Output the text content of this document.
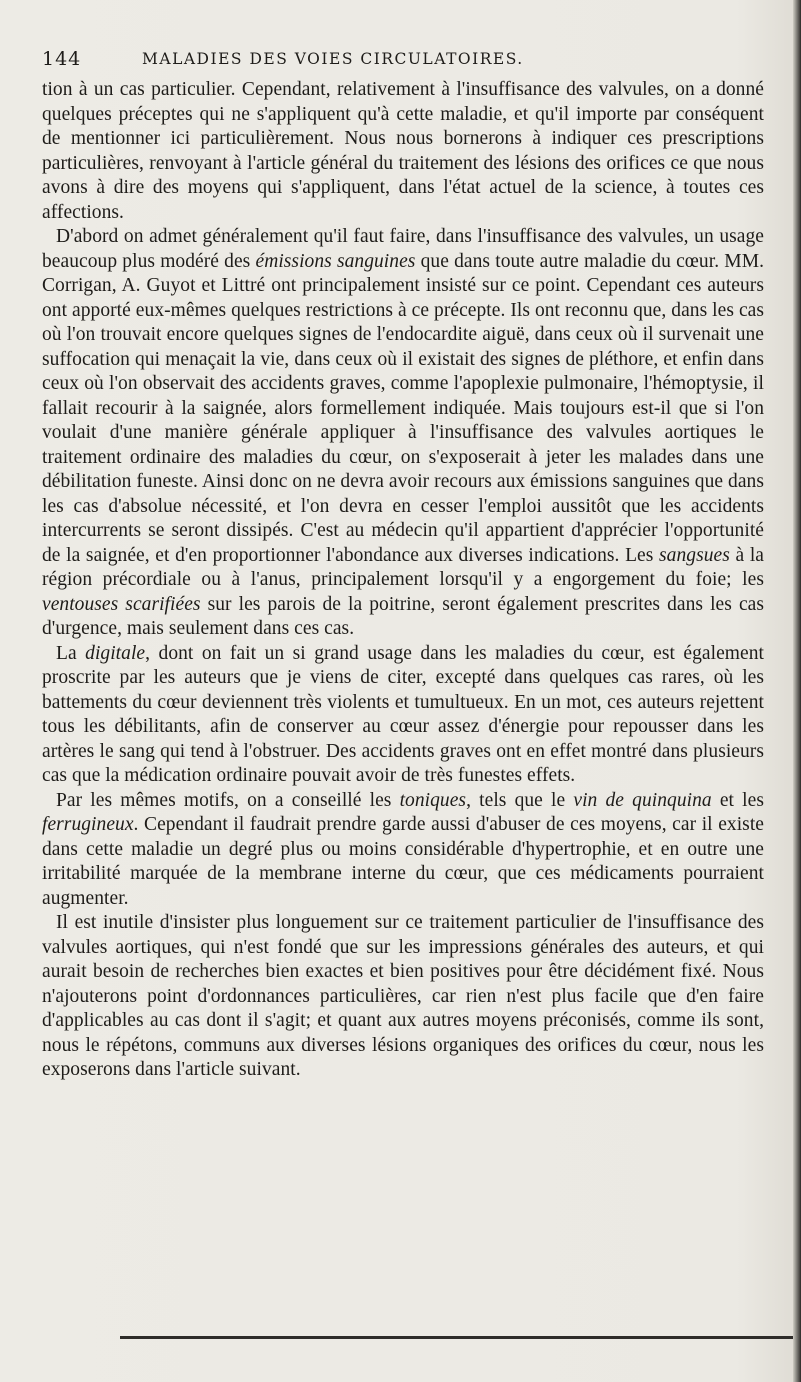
144	MALADIES DES VOIES CIRCULATOIRES.

tion à un cas particulier. Cependant, relativement à l'insuffisance des valvules, on a donné quelques préceptes qui ne s'appliquent qu'à cette maladie, et qu'il importe par conséquent de mentionner ici particulièrement. Nous nous bornerons à indiquer ces prescriptions particulières, renvoyant à l'article général du traitement des lésions des orifices ce que nous avons à dire des moyens qui s'appliquent, dans l'état actuel de la science, à toutes ces affections.

D'abord on admet généralement qu'il faut faire, dans l'insuffisance des valvules, un usage beaucoup plus modéré des émissions sanguines que dans toute autre maladie du cœur. MM. Corrigan, A. Guyot et Littré ont principalement insisté sur ce point. Cependant ces auteurs ont apporté eux-mêmes quelques restrictions à ce précepte. Ils ont reconnu que, dans les cas où l'on trouvait encore quelques signes de l'endocardite aiguë, dans ceux où il survenait une suffocation qui menaçait la vie, dans ceux où il existait des signes de pléthore, et enfin dans ceux où l'on observait des accidents graves, comme l'apoplexie pulmonaire, l'hémoptysie, il fallait recourir à la saignée, alors formellement indiquée. Mais toujours est-il que si l'on voulait d'une manière générale appliquer à l'insuffisance des valvules aortiques le traitement ordinaire des maladies du cœur, on s'exposerait à jeter les malades dans une débilitation funeste. Ainsi donc on ne devra avoir recours aux émissions sanguines que dans les cas d'absolue nécessité, et l'on devra en cesser l'emploi aussitôt que les accidents intercurrents se seront dissipés. C'est au médecin qu'il appartient d'apprécier l'opportunité de la saignée, et d'en proportionner l'abondance aux diverses indications. Les sangsues à la région précordiale ou à l'anus, principalement lorsqu'il y a engorgement du foie; les ventouses scarifiées sur les parois de la poitrine, seront également prescrites dans les cas d'urgence, mais seulement dans ces cas.

La digitale, dont on fait un si grand usage dans les maladies du cœur, est également proscrite par les auteurs que je viens de citer, excepté dans quelques cas rares, où les battements du cœur deviennent très violents et tumultueux. En un mot, ces auteurs rejettent tous les débilitants, afin de conserver au cœur assez d'énergie pour repousser dans les artères le sang qui tend à l'obstruer. Des accidents graves ont en effet montré dans plusieurs cas que la médication ordinaire pouvait avoir de très funestes effets.

Par les mêmes motifs, on a conseillé les toniques, tels que le vin de quinquina et les ferrugineux. Cependant il faudrait prendre garde aussi d'abuser de ces moyens, car il existe dans cette maladie un degré plus ou moins considérable d'hypertrophie, et en outre une irritabilité marquée de la membrane interne du cœur, que ces médicaments pourraient augmenter.

Il est inutile d'insister plus longuement sur ce traitement particulier de l'insuffisance des valvules aortiques, qui n'est fondé que sur les impressions générales des auteurs, et qui aurait besoin de recherches bien exactes et bien positives pour être décidément fixé. Nous n'ajouterons point d'ordonnances particulières, car rien n'est plus facile que d'en faire d'applicables au cas dont il s'agit; et quant aux autres moyens préconisés, comme ils sont, nous le répétons, communs aux diverses lésions organiques des orifices du cœur, nous les exposerons dans l'article suivant.
